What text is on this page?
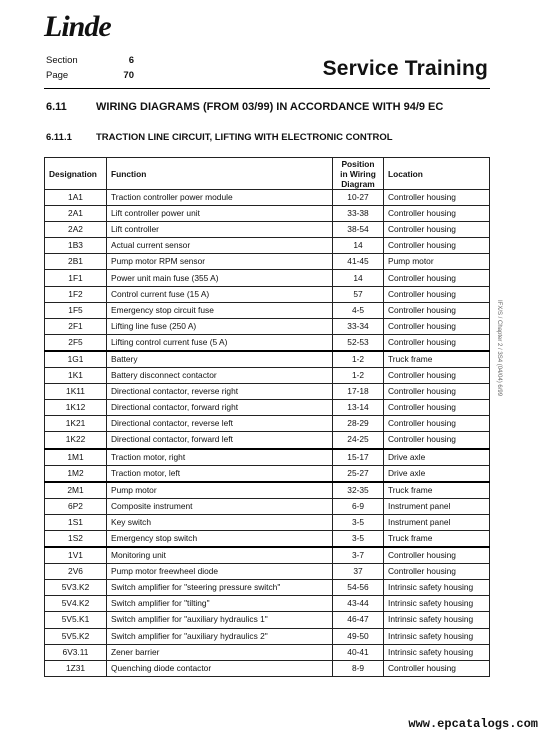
Linde
Section	6
Page	70	Service Training
6.11	WIRING DIAGRAMS (FROM 03/99) IN ACCORDANCE WITH 94/9 EC
6.11.1	TRACTION LINE CIRCUIT, LIFTING WITH ELECTRONIC CONTROL
Designation	Function	Position in Wiring Diagram	Location
1A1	Traction controller power module	10-27	Controller housing
2A1	Lift controller power unit	33-38	Controller housing
2A2	Lift controller	38-54	Controller housing
1B3	Actual current sensor	14	Controller housing
2B1	Pump motor RPM sensor	41-45	Pump motor
1F1	Power unit main fuse (355 A)	14	Controller housing
1F2	Control current fuse (15 A)	57	Controller housing
1F5	Emergency stop circuit fuse	4-5	Controller housing
2F1	Lifting line fuse (250 A)	33-34	Controller housing
2F5	Lifting control current fuse (5 A)	52-53	Controller housing
1G1	Battery	1-2	Truck frame
1K1	Battery disconnect contactor	1-2	Controller housing
1K11	Directional contactor, reverse right	17-18	Controller housing
1K12	Directional contactor, forward right	13-14	Controller housing
1K21	Directional contactor, reverse left	28-29	Controller housing
1K22	Directional contactor, forward left	24-25	Controller housing
1M1	Traction motor, right	15-17	Drive axle
1M2	Traction motor, left	25-27	Drive axle
2M1	Pump motor	32-35	Truck frame
6P2	Composite instrument	6-9	Instrument panel
1S1	Key switch	3-5	Instrument panel
1S2	Emergency stop switch	3-5	Truck frame
1V1	Monitoring unit	3-7	Controller housing
2V6	Pump motor freewheel diode	37	Controller housing
5V3.K2	Switch amplifier for "steering pressure switch"	54-56	Intrinsic safety housing
5V4.K2	Switch amplifier for "tilting"	43-44	Intrinsic safety housing
5V5.K1	Switch amplifier for "auxiliary hydraulics 1"	46-47	Intrinsic safety housing
5V5.K2	Switch amplifier for "auxiliary hydraulics 2"	49-50	Intrinsic safety housing
6V3.11	Zener barrier	40-41	Intrinsic safety housing
1Z31	Quenching diode contactor	8-9	Controller housing
IFX/S / Chapter 2 / 3S4 (04/04) 6/99
www.epcatalogs.com
